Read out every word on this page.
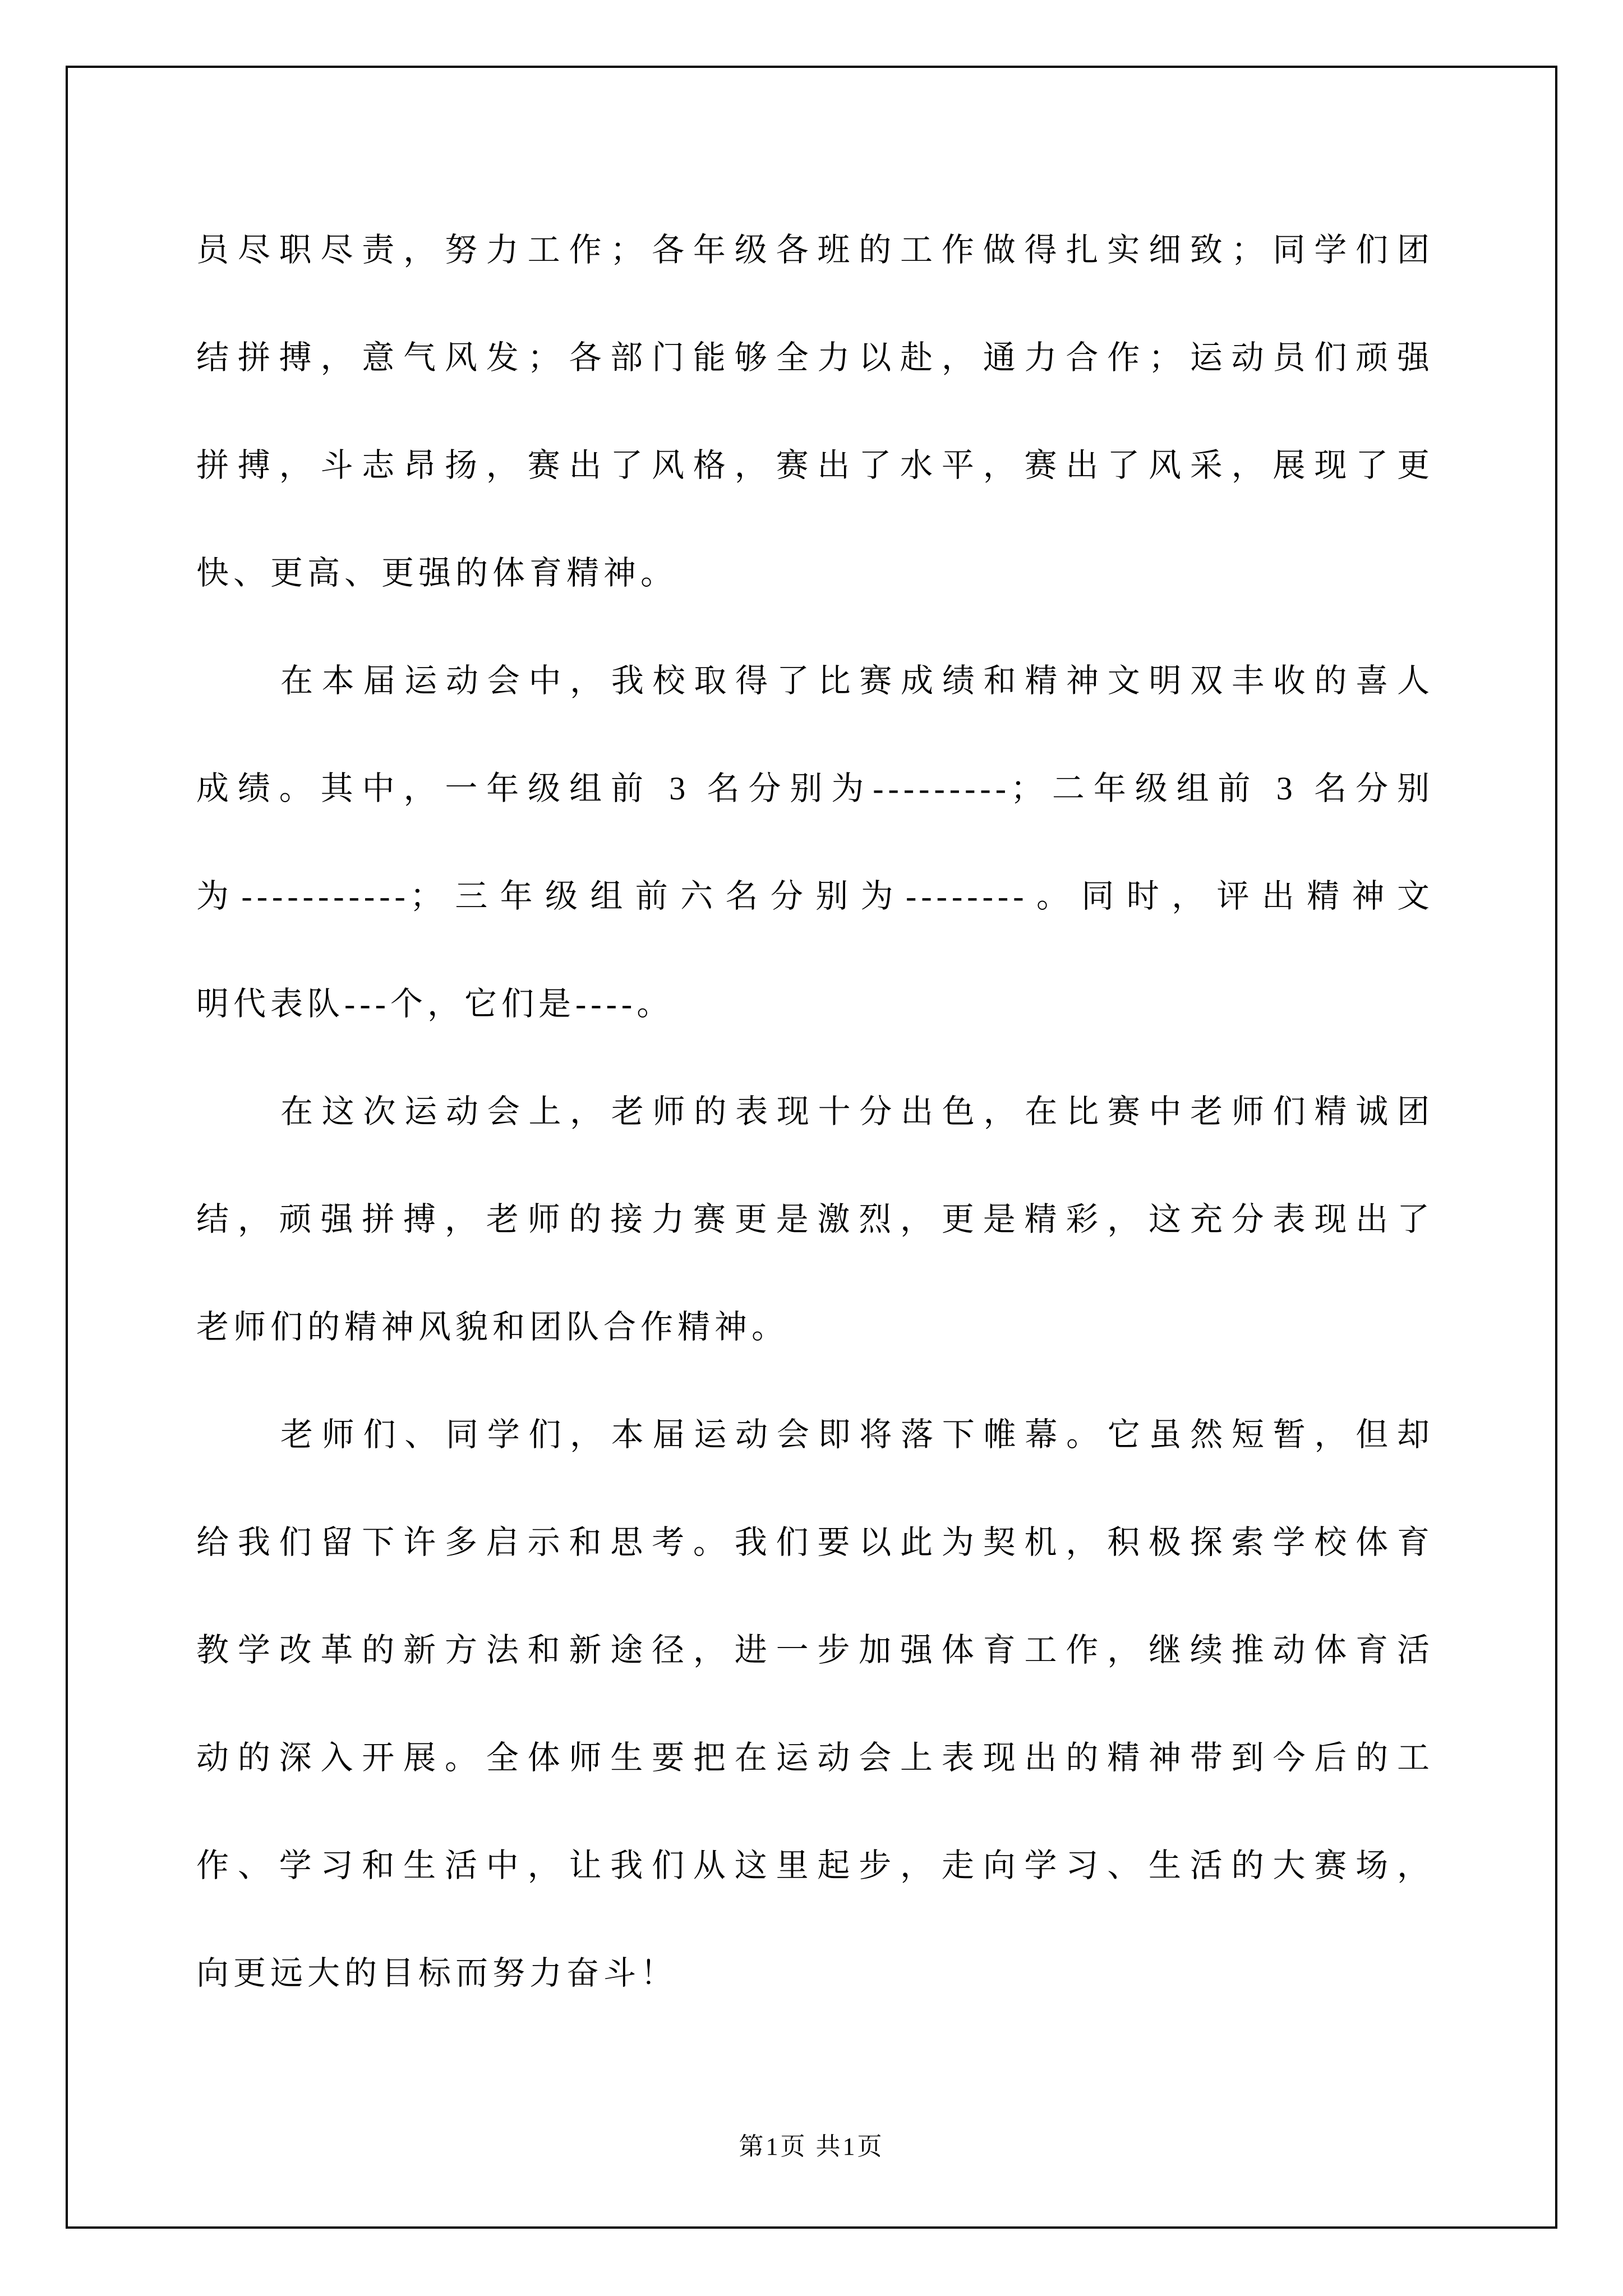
员尽职尽责，努力工作；各年级各班的工作做得扎实细致；同学们团
结拼搏，意气风发；各部门能够全力以赴，通力合作；运动员们顽强
拼搏，斗志昂扬，赛出了风格，赛出了水平，赛出了风采，展现了更
快、更高、更强的体育精神。
在本届运动会中，我校取得了比赛成绩和精神文明双丰收的喜人
成绩。其中，一年级组前 3 名分别为---------；二年级组前 3 名分别
为-----------；三年级组前六名分别为--------。同时，评出精神文
明代表队---个，它们是----。
在这次运动会上，老师的表现十分出色，在比赛中老师们精诚团
结，顽强拼搏，老师的接力赛更是激烈，更是精彩，这充分表现出了
老师们的精神风貌和团队合作精神。
老师们、同学们，本届运动会即将落下帷幕。它虽然短暂，但却
给我们留下许多启示和思考。我们要以此为契机，积极探索学校体育
教学改革的新方法和新途径，进一步加强体育工作，继续推动体育活
动的深入开展。全体师生要把在运动会上表现出的精神带到今后的工
作、学习和生活中，让我们从这里起步，走向学习、生活的大赛场，
向更远大的目标而努力奋斗！
第1页 共1页
